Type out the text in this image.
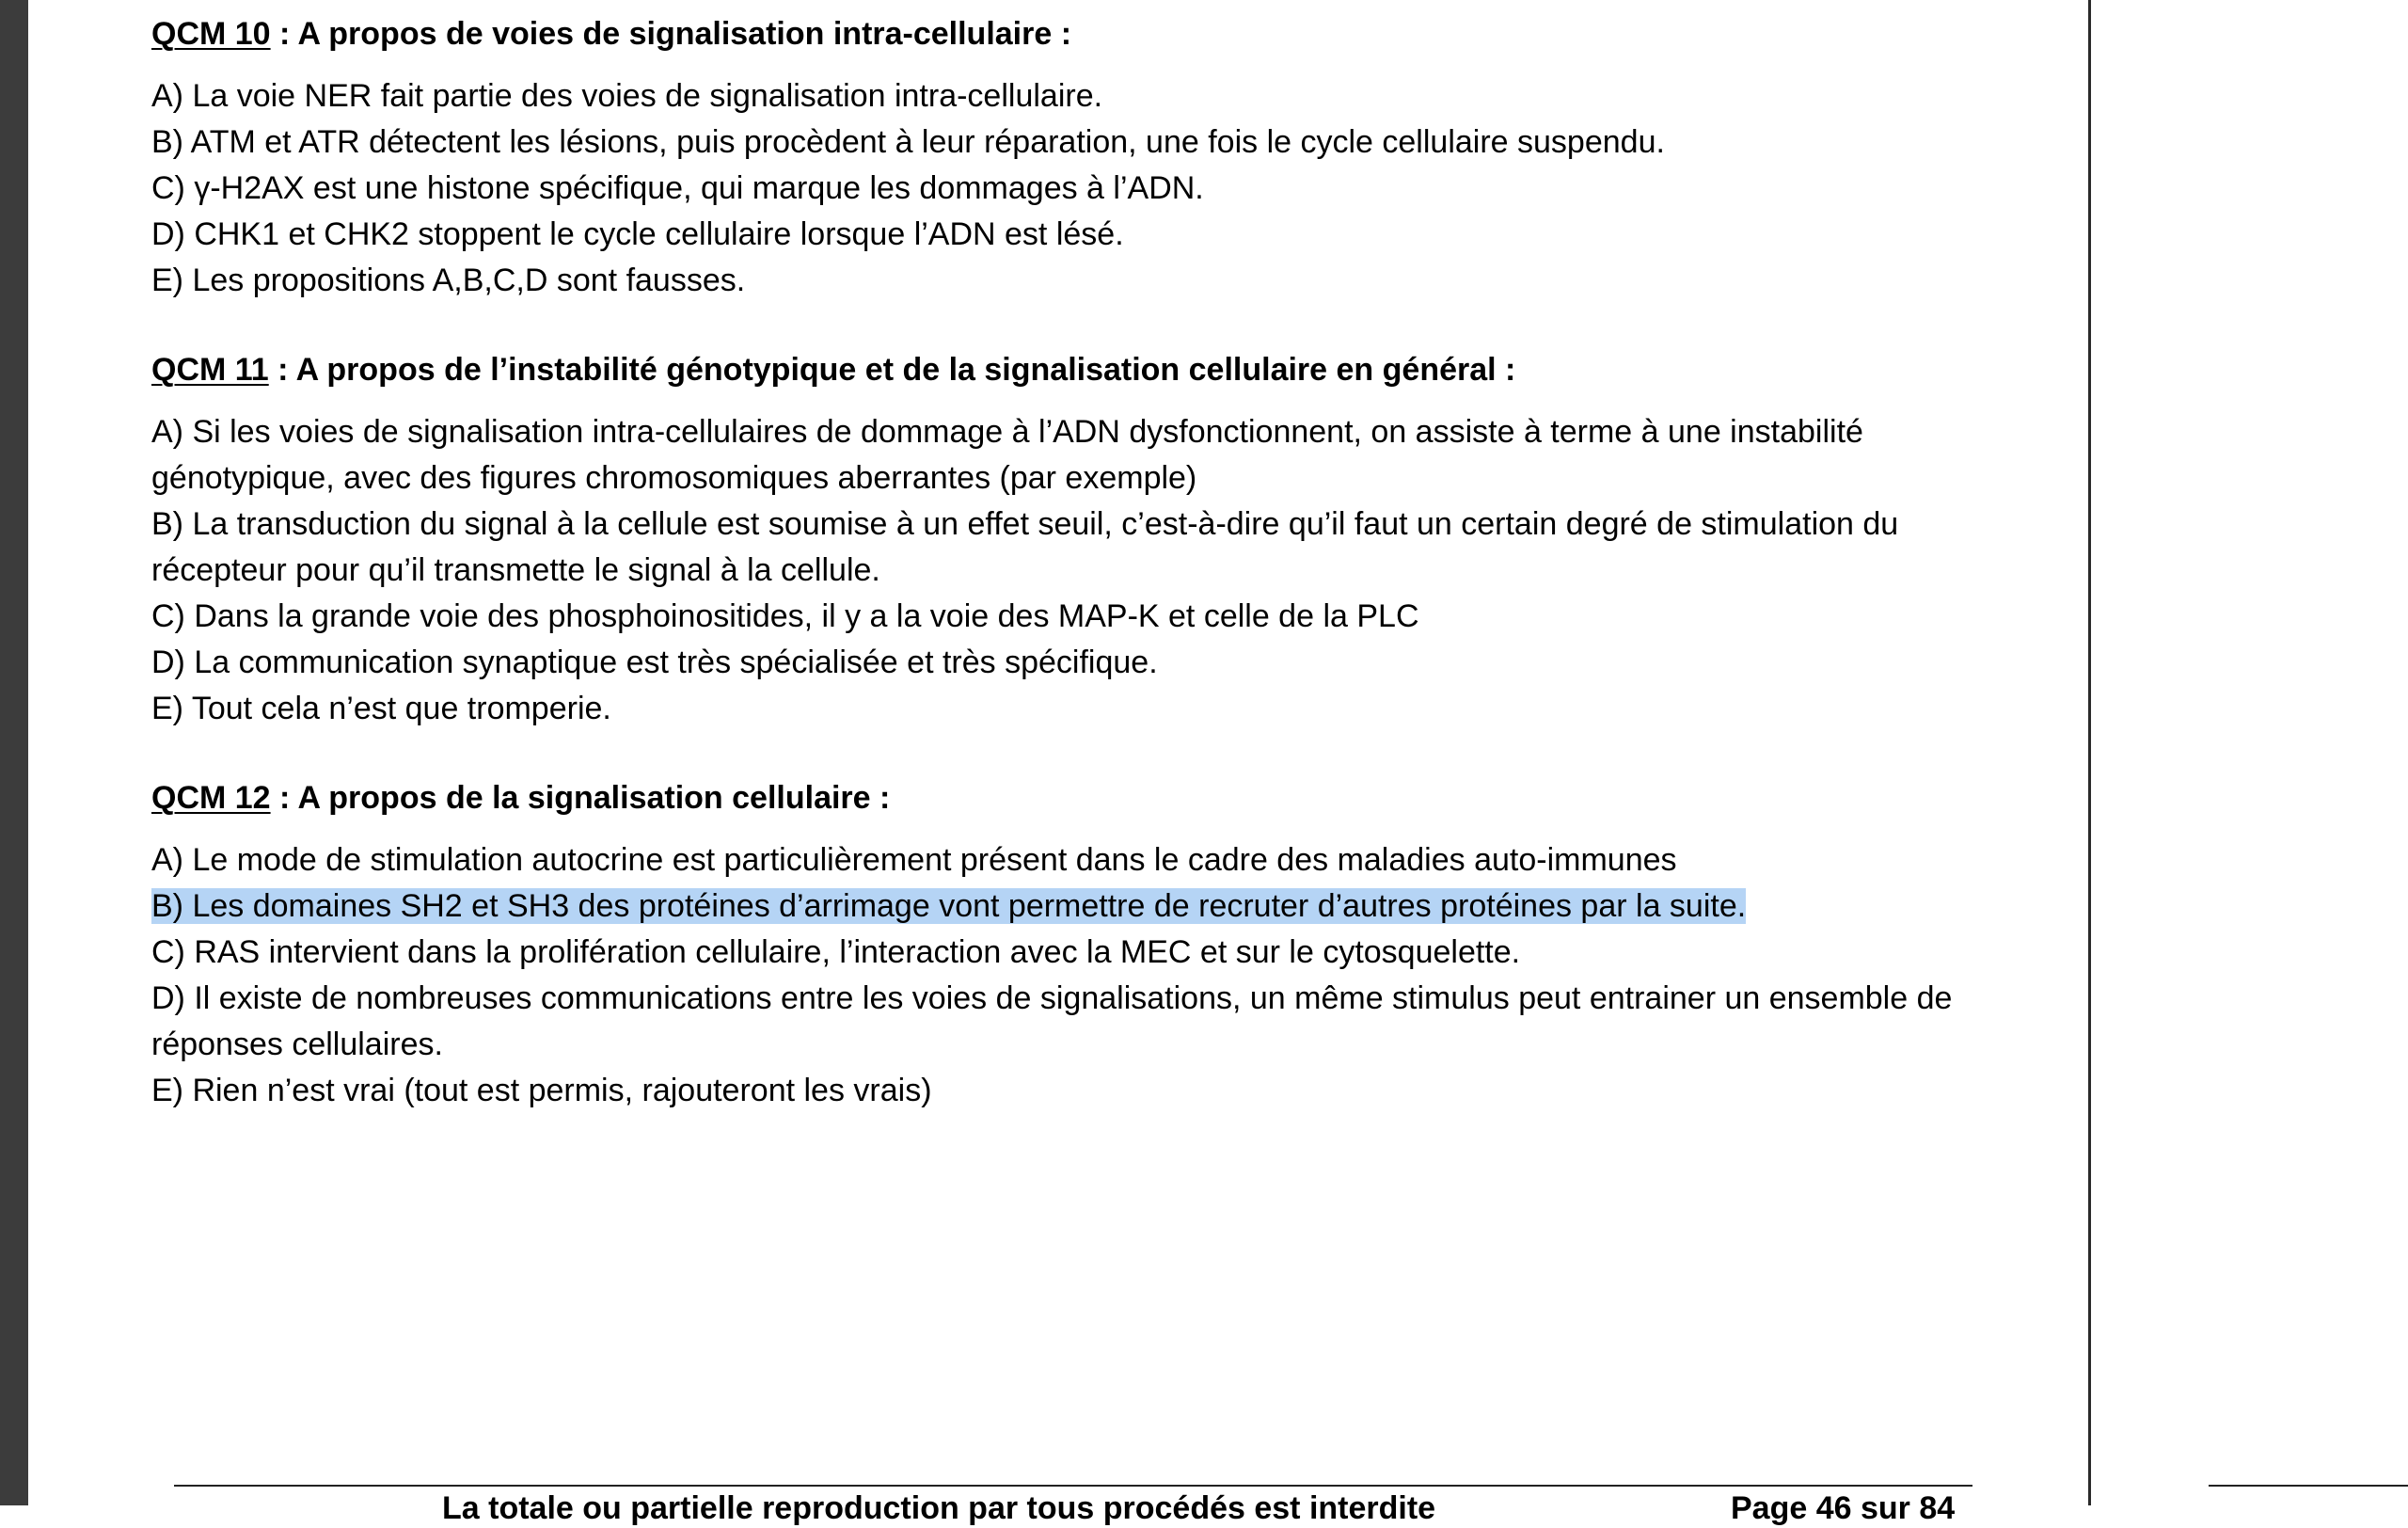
QCM 10 : A propos de voies de signalisation intra-cellulaire :

A) La voie NER fait partie des voies de signalisation intra-cellulaire.

B) ATM et ATR détectent les lésions, puis procèdent à leur réparation, une fois le cycle cellulaire suspendu.

C) γ-H2AX est une histone spécifique, qui marque les dommages à l’ADN.

D) CHK1 et CHK2 stoppent le cycle cellulaire lorsque l’ADN est lésé.

E) Les propositions A,B,C,D sont fausses.

QCM 11 : A propos de l’instabilité génotypique et de la signalisation cellulaire en général :

A) Si les voies de signalisation intra-cellulaires de dommage à l’ADN dysfonctionnent, on assiste à terme à une instabilité génotypique, avec des figures chromosomiques aberrantes (par exemple)

B) La transduction du signal à la cellule est soumise à un effet seuil, c’est-à-dire qu’il faut un certain degré de stimulation du récepteur pour qu’il transmette le signal à la cellule.

C) Dans la grande voie des phosphoinositides, il y a la voie des MAP-K et celle de la PLC

D) La communication synaptique est très spécialisée et très spécifique.

E) Tout cela n’est que tromperie.

QCM 12 : A propos de la signalisation cellulaire :

A) Le mode de stimulation autocrine est particulièrement présent dans le cadre des maladies auto-immunes

B) Les domaines SH2 et SH3 des protéines d’arrimage vont permettre de recruter d’autres protéines par la suite.

C) RAS intervient dans la prolifération cellulaire, l’interaction avec la MEC et sur le cytosquelette.

D) Il existe de nombreuses communications entre les voies de signalisations, un même stimulus peut entrainer un ensemble de réponses cellulaires.

E) Rien n’est vrai (tout est permis, rajouteront les vrais)

La totale ou partielle reproduction par tous procédés est interdite	Page 46 sur 84
